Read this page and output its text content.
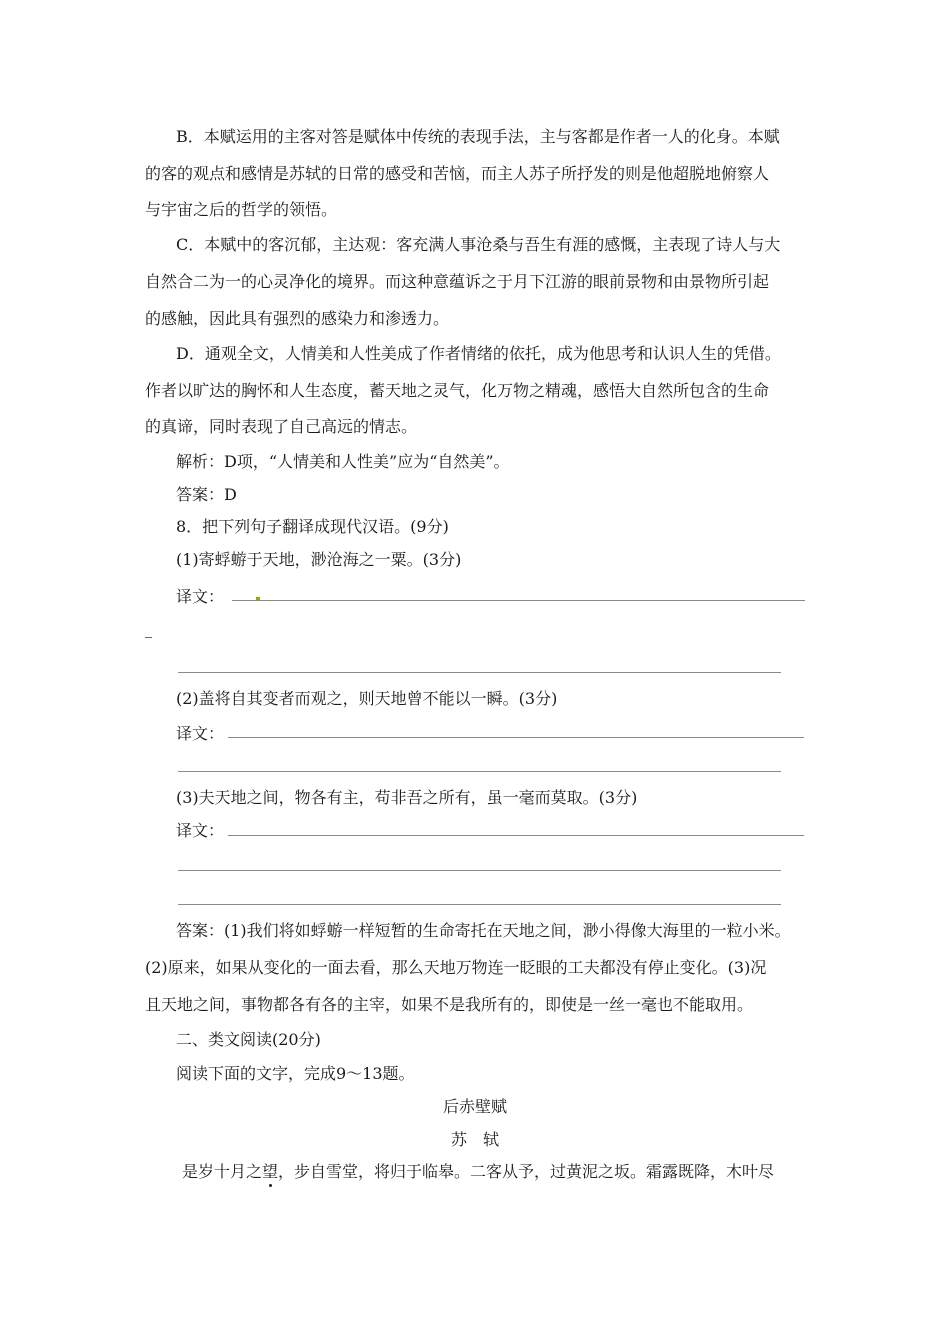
B．本赋运用的主客对答是赋体中传统的表现手法，主与客都是作者一人的化身。本赋
的客的观点和感情是苏轼的日常的感受和苦恼，而主人苏子所抒发的则是他超脱地俯察人
与宇宙之后的哲学的领悟。
C．本赋中的客沉郁，主达观：客充满人事沧桑与吾生有涯的感慨，主表现了诗人与大
自然合二为一的心灵净化的境界。而这种意蕴诉之于月下江游的眼前景物和由景物所引起
的感触，因此具有强烈的感染力和渗透力。
D．通观全文，人情美和人性美成了作者情绪的依托，成为他思考和认识人生的凭借。
作者以旷达的胸怀和人生态度，蓄天地之灵气，化万物之精魂，感悟大自然所包含的生命
的真谛，同时表现了自己高远的情志。
解析：D项，“人情美和人性美”应为“自然美”。
答案：D
8．把下列句子翻译成现代汉语。(9分)
(1)寄蜉蝣于天地，渺沧海之一粟。(3分)
译文：
(2)盖将自其变者而观之，则天地曾不能以一瞬。(3分)
译文：
(3)夫天地之间，物各有主，苟非吾之所有，虽一毫而莫取。(3分)
译文：
答案：(1)我们将如蜉蝣一样短暂的生命寄托在天地之间，渺小得像大海里的一粒小米。
(2)原来，如果从变化的一面去看，那么天地万物连一眨眼的工夫都没有停止变化。(3)况
且天地之间，事物都各有各的主宰，如果不是我所有的，即使是一丝一毫也不能取用。
二、类文阅读(20分)
阅读下面的文字，完成9～13题。
后赤壁赋
苏　轼
是岁十月之望，步自雪堂，将归于临皋。二客从予，过黄泥之坂。霜露既降，木叶尽
